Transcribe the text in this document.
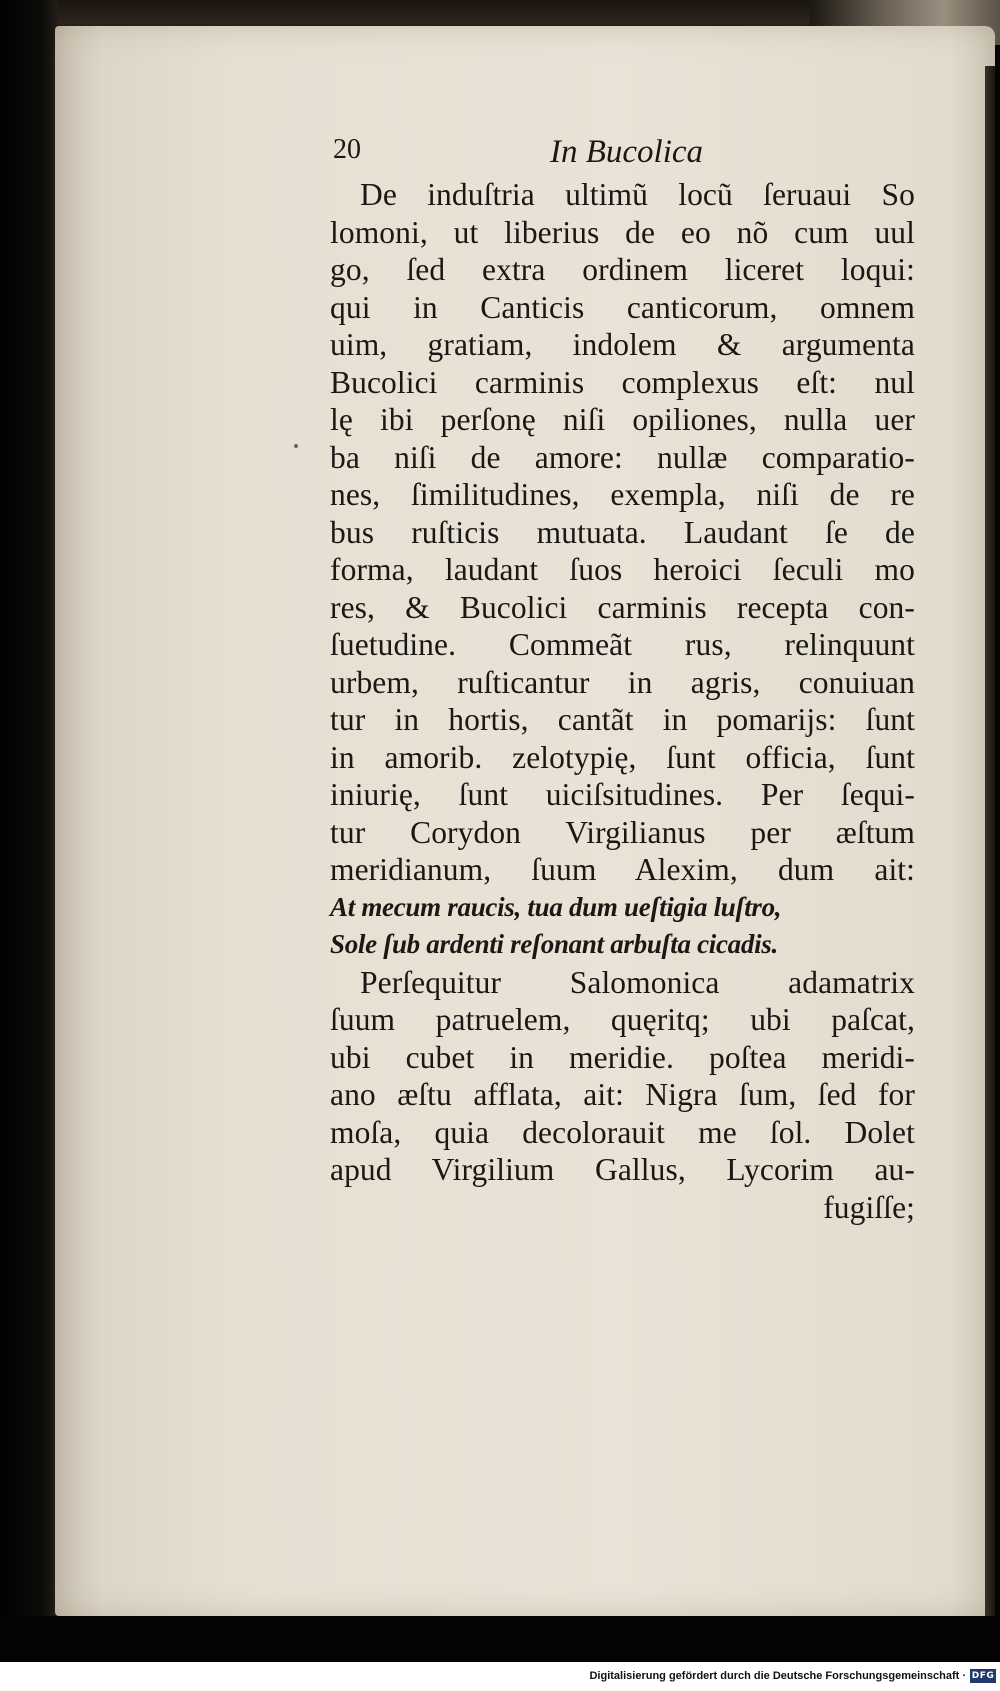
20	In Bucolica
De induſtria ultimũ locũ ſeruaui So
lomoni, ut liberius de eo nõ cum uul
go, ſed extra ordinem liceret loqui:
qui in Canticis canticorum, omnem
uim, gratiam, indolem & argumenta
Bucolici carminis complexus eſt: nul
lę ibi perſonę niſi opiliones, nulla uer
ba niſi de amore: nullæ comparatio-
nes, ſimilitudines, exempla, niſi de re
bus ruſticis mutuata. Laudant ſe de
forma, laudant ſuos heroici ſeculi mo
res, & Bucolici carminis recepta con-
ſuetudine. Commeãt rus, relinquunt
urbem, ruſticantur in agris, conuiuan
tur in hortis, cantãt in pomarijs: ſunt
in amorib. zelotypię, ſunt officia, ſunt
iniurię, ſunt uiciſsitudines. Per ſequi-
tur Corydon Virgilianus per æſtum
meridianum, ſuum Alexim, dum ait:
At mecum raucis, tua dum ueſtigia luſtro,
Sole ſub ardenti reſonant arbuſta cicadis.
Perſequitur Salomonica adamatrix
ſuum patruelem, quęritq; ubi paſcat,
ubi cubet in meridie. poſtea meridi-
ano æſtu afflata, ait: Nigra ſum, ſed for
moſa, quia decolorauit me ſol. Dolet
apud Virgilium Gallus, Lycorim au-
fugiſſe;
Digitalisierung gefördert durch die Deutsche Forschungsgemeinschaft · DFG
